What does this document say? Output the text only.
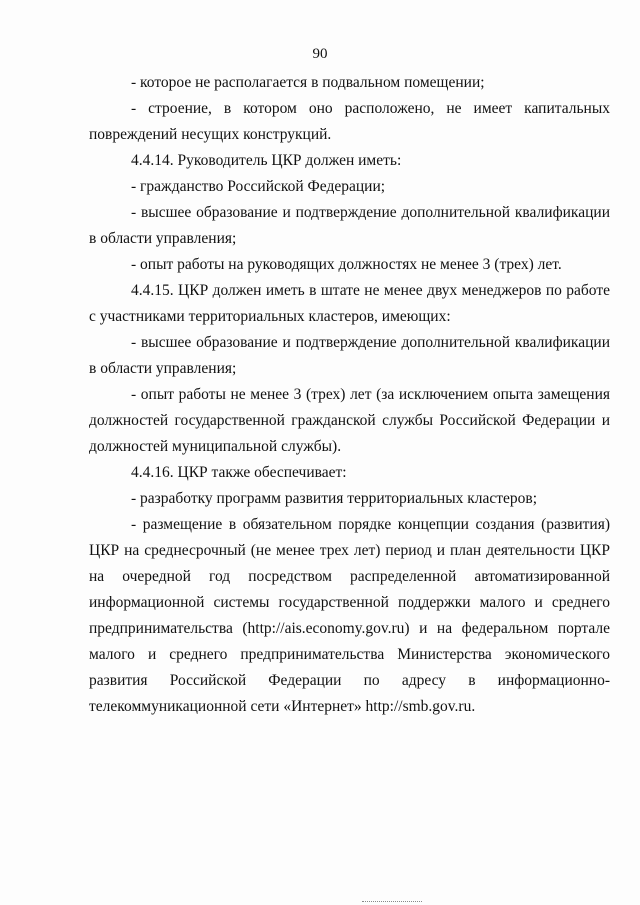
90

- которое не располагается в подвальном помещении;

- строение, в котором оно расположено, не имеет капитальных повреждений несущих конструкций.

4.4.14. Руководитель ЦКР должен иметь:

- гражданство Российской Федерации;

- высшее образование и подтверждение дополнительной квалификации в области управления;

- опыт работы на руководящих должностях не менее 3 (трех) лет.

4.4.15. ЦКР должен иметь в штате не менее двух менеджеров по работе с участниками территориальных кластеров, имеющих:

- высшее образование и подтверждение дополнительной квалификации в области управления;

- опыт работы не менее 3 (трех) лет (за исключением опыта замещения должностей государственной гражданской службы Российской Федерации и должностей муниципальной службы).

4.4.16. ЦКР также обеспечивает:

- разработку программ развития территориальных кластеров;

- размещение в обязательном порядке концепции создания (развития) ЦКР на среднесрочный (не менее трех лет) период и план деятельности ЦКР на очередной год посредством распределенной автоматизированной информационной системы государственной поддержки малого и среднего предпринимательства (http://ais.economy.gov.ru) и на федеральном портале малого и среднего предпринимательства Министерства экономического развития Российской Федерации по адресу в информационно-телекоммуникационной сети «Интернет» http://smb.gov.ru.
